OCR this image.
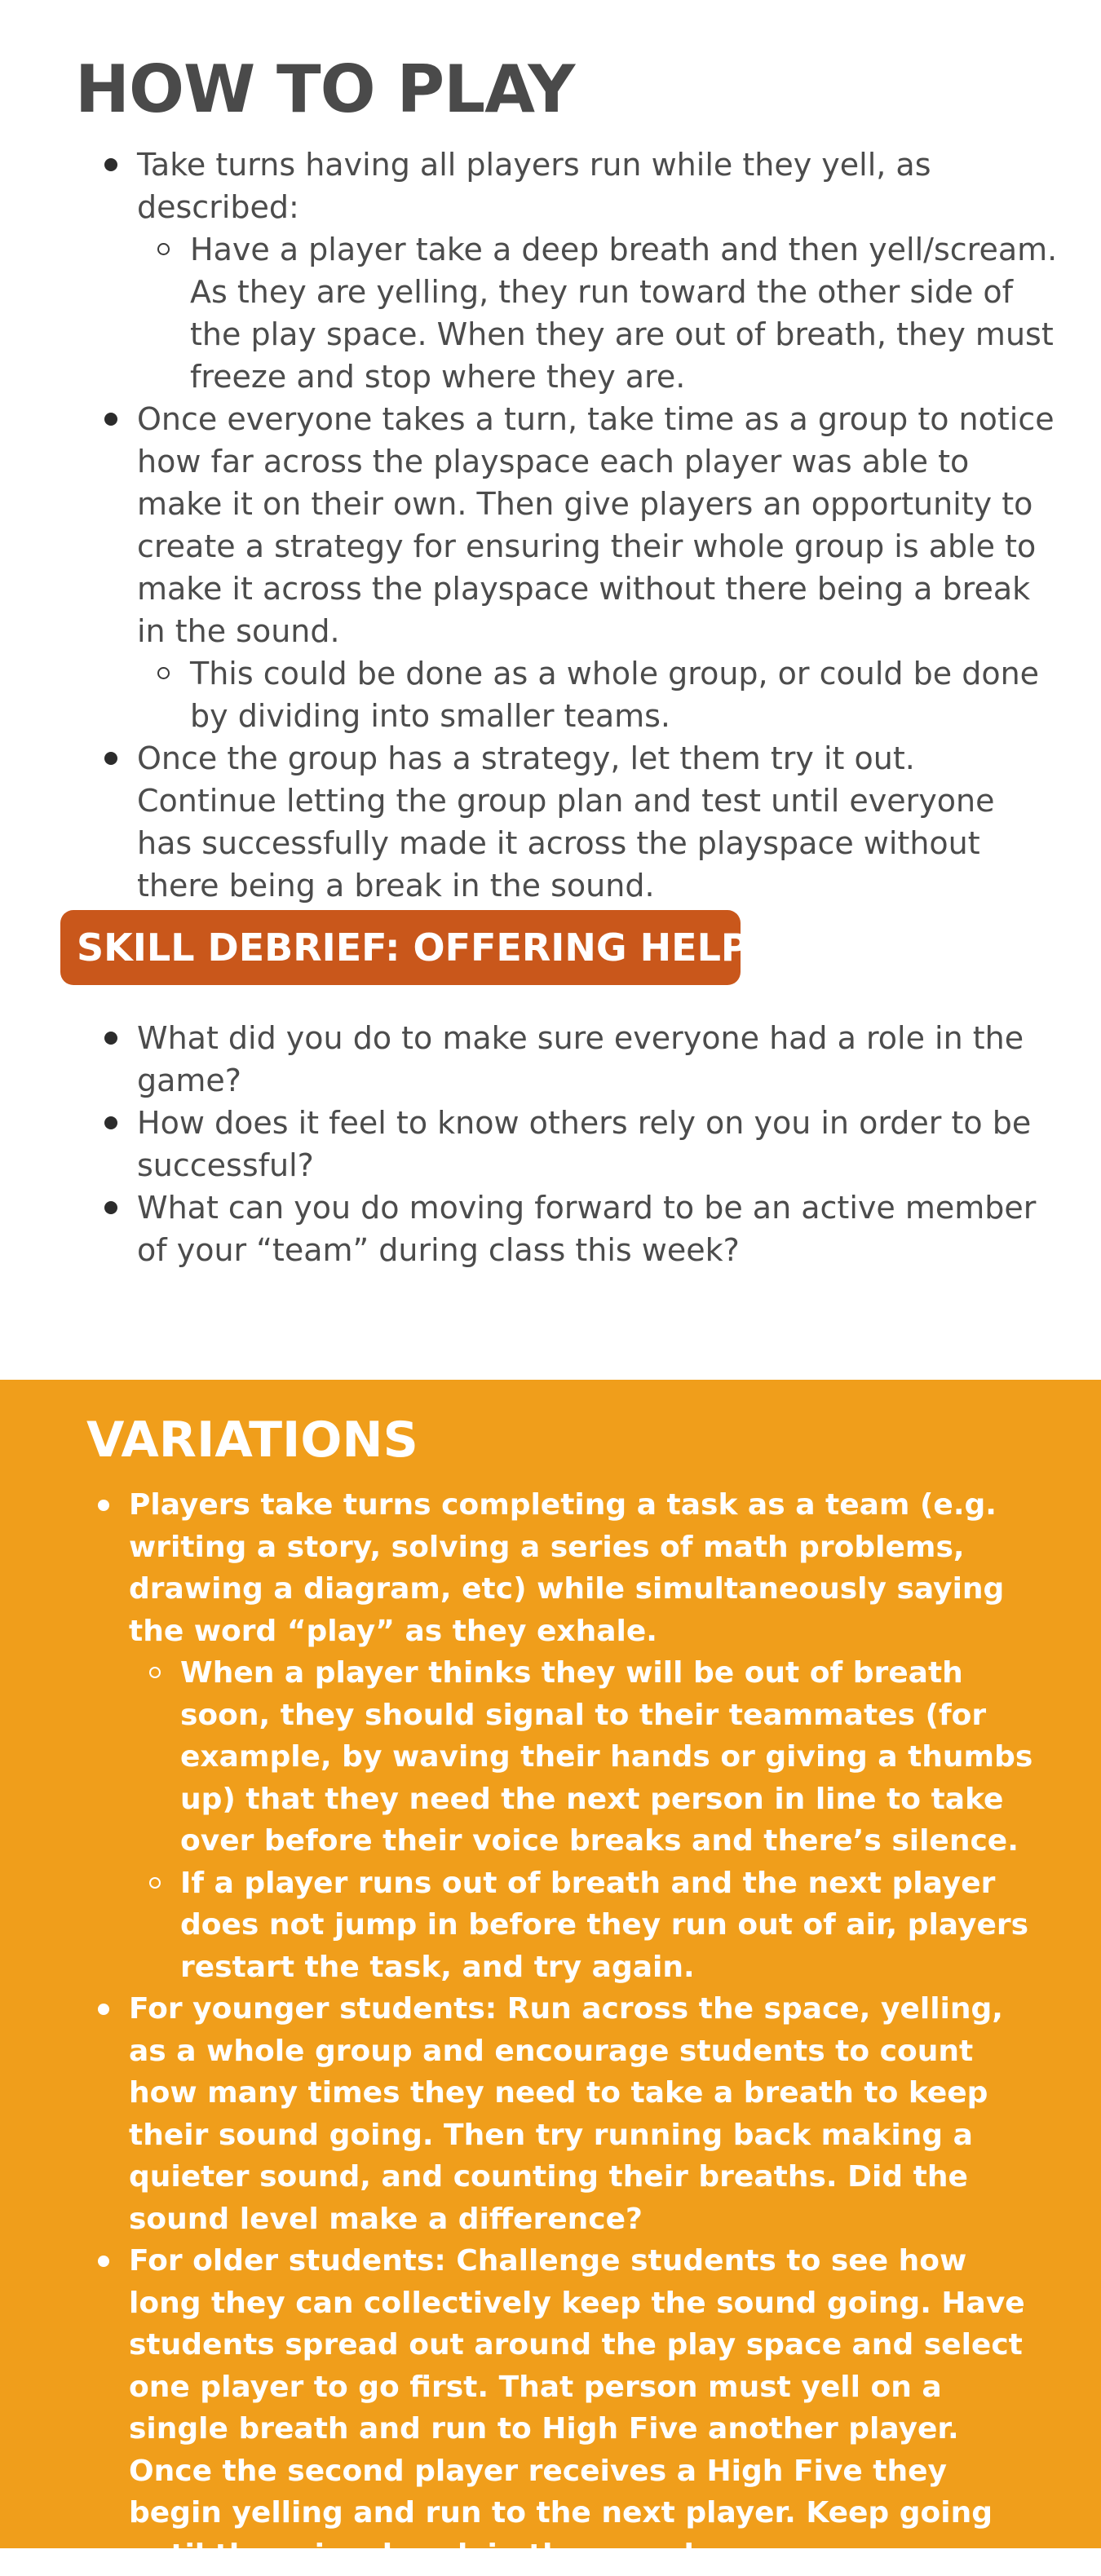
HOW TO PLAY
Take turns having all players run while they yell, as described:
Have a player take a deep breath and then yell/scream. As they are yelling, they run toward the other side of the play space. When they are out of breath, they must freeze and stop where they are.
Once everyone takes a turn, take time as a group to notice how far across the playspace each player was able to make it on their own. Then give players an opportunity to create a strategy for ensuring their whole group is able to make it across the playspace without there being a break in the sound.
This could be done as a whole group, or could be done by dividing into smaller teams.
Once the group has a strategy, let them try it out. Continue letting the group plan and test until everyone has successfully made it across the playspace without there being a break in the sound.
SKILL DEBRIEF: OFFERING HELP
What did you do to make sure everyone had a role in the game?
How does it feel to know others rely on you in order to be successful?
What can you do moving forward to be an active member of your “team” during class this week?
VARIATIONS
Players take turns completing a task as a team (e.g. writing a story, solving a series of math problems, drawing a diagram, etc) while simultaneously saying the word “play” as they exhale.
When a player thinks they will be out of breath soon, they should signal to their teammates (for example, by waving their hands or giving a thumbs up) that they need the next person in line to take over before their voice breaks and there’s silence.
If a player runs out of breath and the next player does not jump in before they run out of air, players restart the task, and try again.
For younger students: Run across the space, yelling, as a whole group and encourage students to count how many times they need to take a breath to keep their sound going. Then try running back making a quieter sound, and counting their breaths. Did the sound level make a difference?
For older students: Challenge students to see how long they can collectively keep the sound going. Have students spread out around the play space and select one player to go first. That person must yell on a single breath and run to High Five another player. Once the second player receives a High Five they begin yelling and run to the next player. Keep going until there is a break in the sound.
